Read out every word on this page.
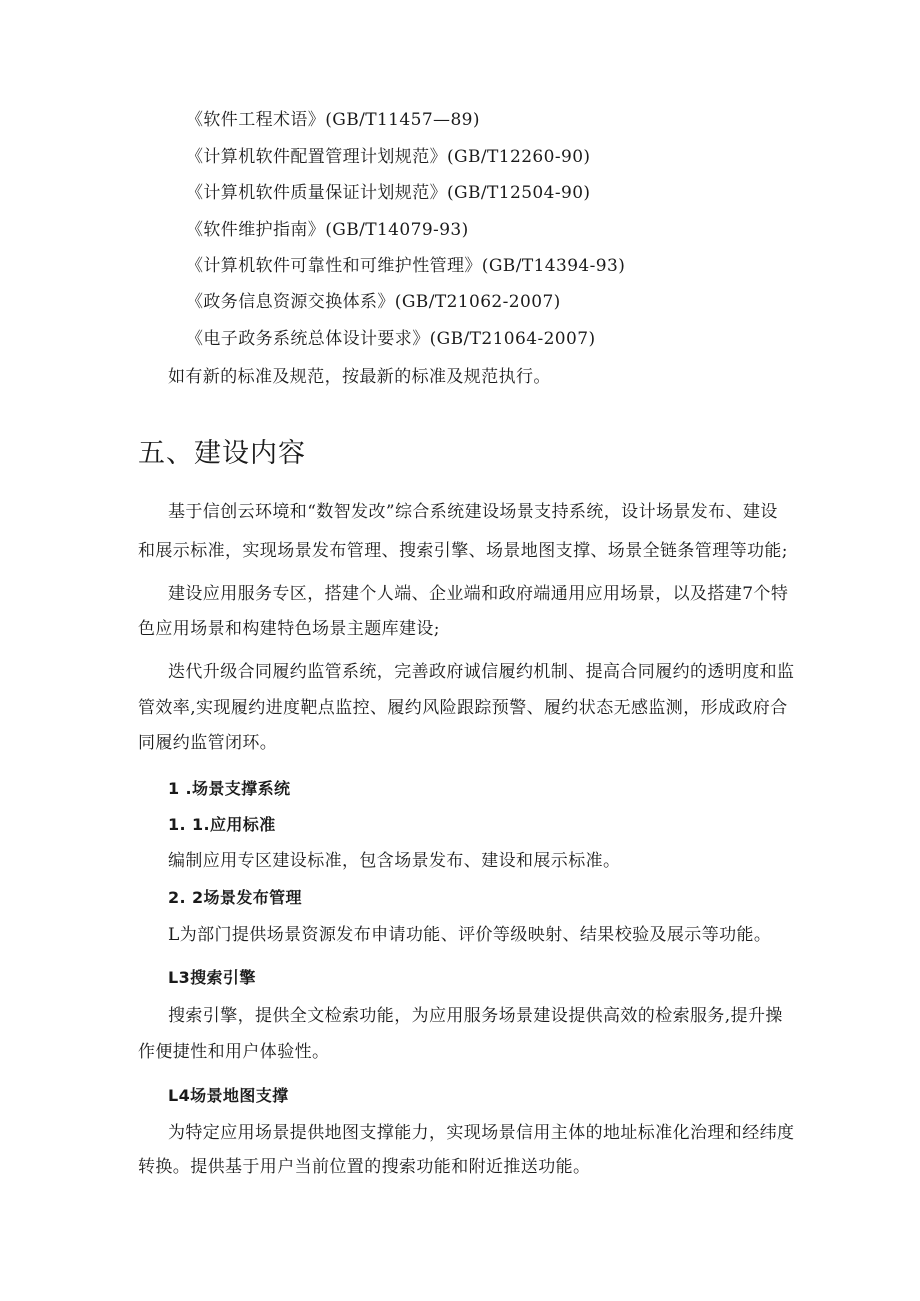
《软件工程术语》(GB/T11457—89)
《计算机软件配置管理计划规范》(GB/T12260-90)
《计算机软件质量保证计划规范》(GB/T12504-90)
《软件维护指南》(GB/T14079-93)
《计算机软件可靠性和可维护性管理》(GB/T14394-93)
《政务信息资源交换体系》(GB/T21062-2007)
《电子政务系统总体设计要求》(GB/T21064-2007)
如有新的标准及规范，按最新的标准及规范执行。
五、建设内容
基于信创云环境和“数智发改”综合系统建设场景支持系统，设计场景发布、建设
和展示标准，实现场景发布管理、搜索引擎、场景地图支撑、场景全链条管理等功能;
建设应用服务专区，搭建个人端、企业端和政府端通用应用场景，以及搭建7个特
色应用场景和构建特色场景主题库建设;
迭代升级合同履约监管系统，完善政府诚信履约机制、提高合同履约的透明度和监
管效率,实现履约进度靶点监控、履约风险跟踪预警、履约状态无感监测，形成政府合
同履约监管闭环。
1 .场景支撑系统
1. 1.应用标准
编制应用专区建设标准，包含场景发布、建设和展示标准。
2. 2场景发布管理
L为部门提供场景资源发布申请功能、评价等级映射、结果校验及展示等功能。
L3搜索引擎
搜索引擎，提供全文检索功能，为应用服务场景建设提供高效的检索服务,提升操
作便捷性和用户体验性。
L4场景地图支撑
为特定应用场景提供地图支撑能力，实现场景信用主体的地址标准化治理和经纬度
转换。提供基于用户当前位置的搜索功能和附近推送功能。
